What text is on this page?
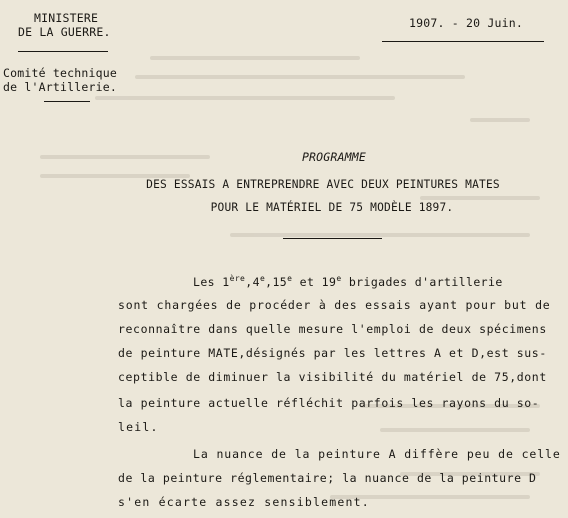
MINISTERE
DE LA GUERRE.
1907. - 20 Juin.
Comité technique
de l'Artillerie.
PROGRAMME
DES ESSAIS A ENTREPRENDRE AVEC DEUX PEINTURES MATES
POUR LE MATÉRIEL DE 75 MODÈLE 1897.
Les 1ère,4e,15e et 19e brigades d'artillerie
sont chargées de procéder à des essais ayant pour but de
reconnaître dans quelle mesure l'emploi de deux spécimens
de peinture MATE,désignés par les lettres A et D,est sus-
ceptible de diminuer la visibilité du matériel de 75,dont
la peinture actuelle réfléchit parfois les rayons du so-
leil.
La nuance de la peinture A diffère peu de celle
de la peinture réglementaire; la nuance de la peinture D
s'en écarte assez sensiblement.
